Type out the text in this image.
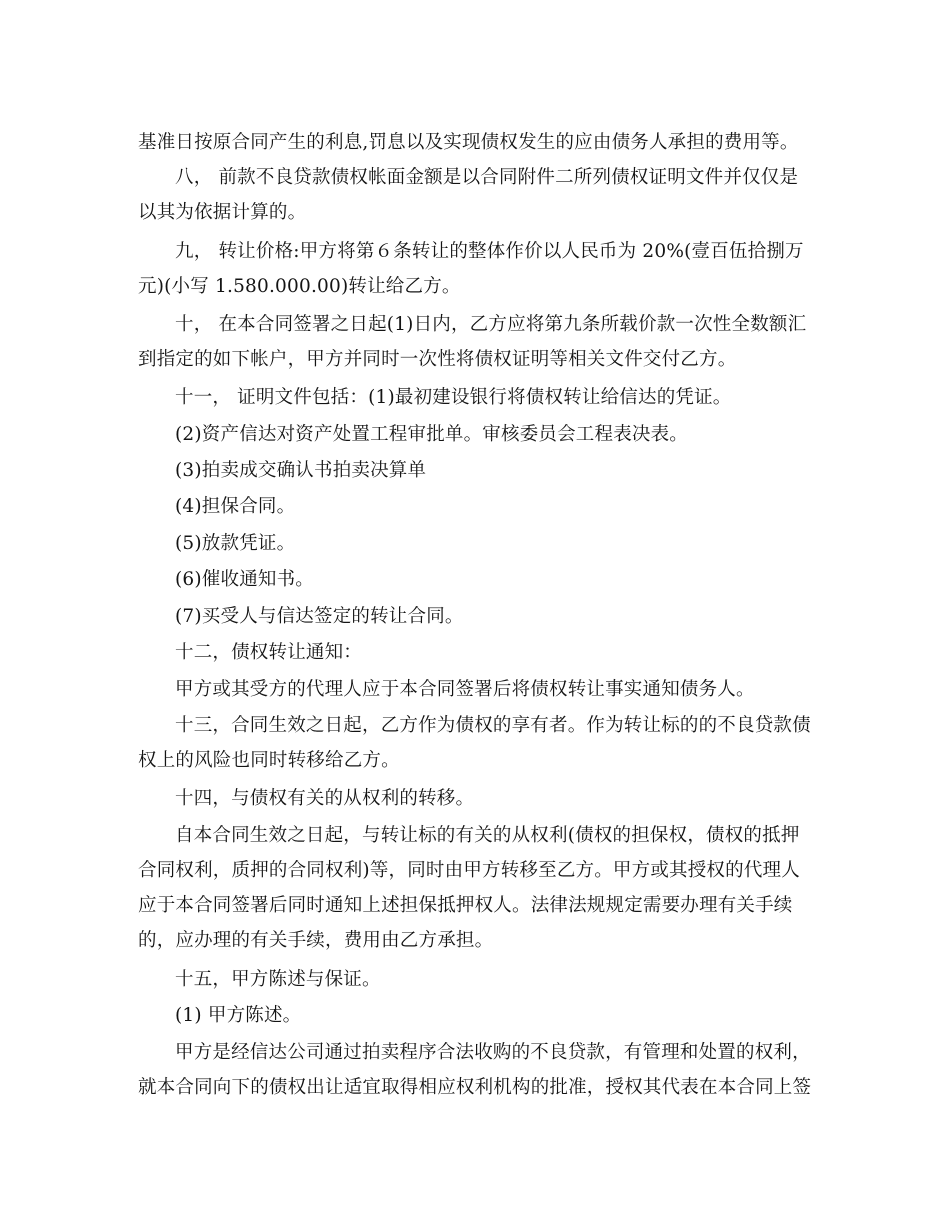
基准日按原合同产生的利息,罚息以及实现债权发生的应由债务人承担的费用等。
八， 前款不良贷款债权帐面金额是以合同附件二所列债权证明文件并仅仅是
以其为依据计算的。
九， 转让价格:甲方将第６条转让的整体作价以人民币为 20%(壹百伍拾捌万
元)(小写 1.580.000.00)转让给乙方。
十， 在本合同签署之日起(1)日内，乙方应将第九条所载价款一次性全数额汇
到指定的如下帐户，甲方并同时一次性将债权证明等相关文件交付乙方。
十一， 证明文件包括：(1)最初建设银行将债权转让给信达的凭证。
(2)资产信达对资产处置工程审批单。审核委员会工程表决表。
(3)拍卖成交确认书拍卖决算单
(4)担保合同。
(5)放款凭证。
(6)催收通知书。
(7)买受人与信达签定的转让合同。
十二，债权转让通知：
甲方或其受方的代理人应于本合同签署后将债权转让事实通知债务人。
十三，合同生效之日起，乙方作为债权的享有者。作为转让标的的不良贷款债
权上的风险也同时转移给乙方。
十四，与债权有关的从权利的转移。
自本合同生效之日起，与转让标的有关的从权利(债权的担保权，债权的抵押
合同权利，质押的合同权利)等，同时由甲方转移至乙方。甲方或其授权的代理人
应于本合同签署后同时通知上述担保抵押权人。法律法规规定需要办理有关手续
的，应办理的有关手续，费用由乙方承担。
十五，甲方陈述与保证。
(1) 甲方陈述。
甲方是经信达公司通过拍卖程序合法收购的不良贷款，有管理和处置的权利，
就本合同向下的债权出让适宜取得相应权利机构的批准，授权其代表在本合同上签
